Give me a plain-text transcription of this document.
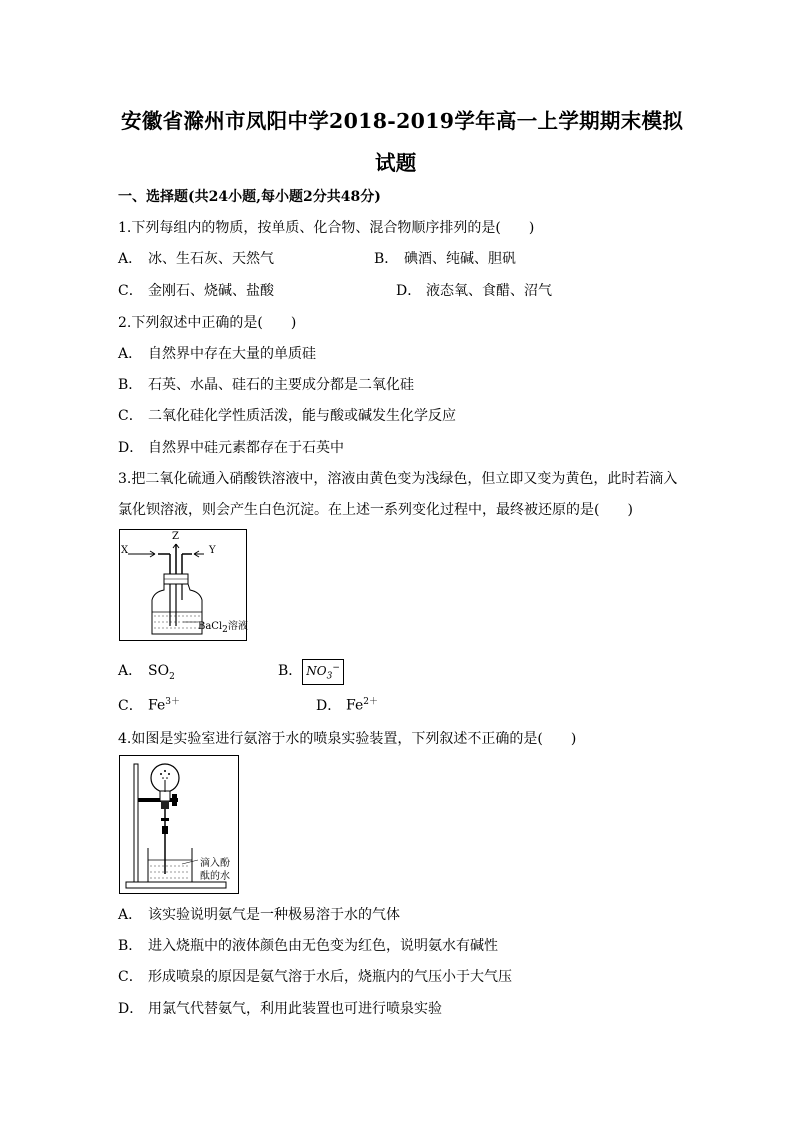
安徽省滁州市凤阳中学2018-2019学年高一上学期期末模拟
试题
一、选择题(共24小题,每小题2分共48分)
1.下列每组内的物质，按单质、化合物、混合物顺序排列的是(　　)
A． 冰、生石灰、天然气	B． 碘酒、纯碱、胆矾
C． 金刚石、烧碱、盐酸	D． 液态氧、食醋、沼气
2.下列叙述中正确的是(　　)
A． 自然界中存在大量的单质硅
B． 石英、水晶、硅石的主要成分都是二氧化硅
C． 二氧化硅化学性质活泼，能与酸或碱发生化学反应
D． 自然界中硅元素都存在于石英中
3.把二氧化硫通入硝酸铁溶液中，溶液由黄色变为浅绿色，但立即又变为黄色，此时若滴入
氯化钡溶液，则会产生白色沉淀。在上述一系列变化过程中，最终被还原的是(　　)
X
Z
Y
BaCl$_2$溶液
A． $SO_2$	B． $NO_3^-$
C． $Fe^{3+}$	D． $Fe^{2+}$
4.如图是实验室进行氨溶于水的喷泉实验装置，下列叙述不正确的是(　　)
滴入酚
酞的水
A． 该实验说明氨气是一种极易溶于水的气体
B． 进入烧瓶中的液体颜色由无色变为红色，说明氨水有碱性
C． 形成喷泉的原因是氨气溶于水后，烧瓶内的气压小于大气压
D． 用氯气代替氨气，利用此装置也可进行喷泉实验
